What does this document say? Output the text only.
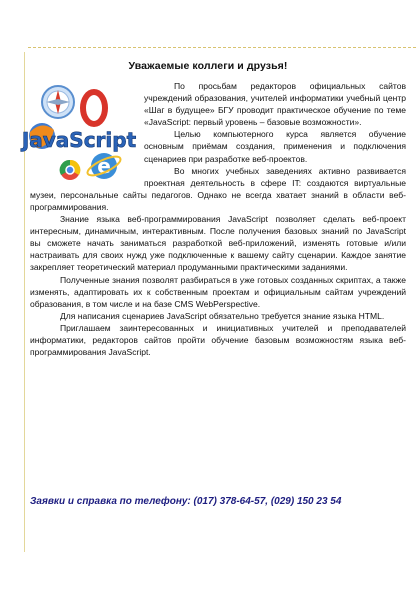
Уважаемые коллеги и друзья!

e
JavaScript
По просьбам редакторов официальных сайтов учреждений образования, учителей информатики учебный центр «Шаг в будущее» БГУ проводит практическое обучение по теме «JavaScript: первый уровень – базовые возможности».

Целью компьютерного курса является обучение основным приёмам создания, применения и подключения сценариев при разработке веб-проектов.

Во многих учебных заведениях активно развивается проектная деятельность в сфере IT: создаются виртуальные музеи, персональные сайты педагогов. Однако не всегда хватает знаний в области веб-программирования.

Знание языка веб-программирования JavaScript позволяет сделать веб-проект интересным, динамичным, интерактивным. После получения базовых знаний по JavaScript вы сможете начать заниматься разработкой веб-приложений, изменять готовые и/или настраивать для своих нужд уже подключенные к вашему сайту сценарии. Каждое занятие закрепляет теоретический материал продуманными практическими заданиями.

Полученные знания позволят разбираться в уже готовых созданных скриптах, а также изменять, адаптировать их к собственным проектам и официальным сайтам учреждений образования, в том числе и на базе CMS WebPerspective.

Для написания сценариев JavaScript обязательно требуется знание языка HTML.

Приглашаем заинтересованных и инициативных учителей и преподавателей информатики, редакторов сайтов пройти обучение базовым возможностям языка веб-программирования JavaScript.

Заявки и справка по телефону: (017) 378-64-57, (029) 150 23 54
